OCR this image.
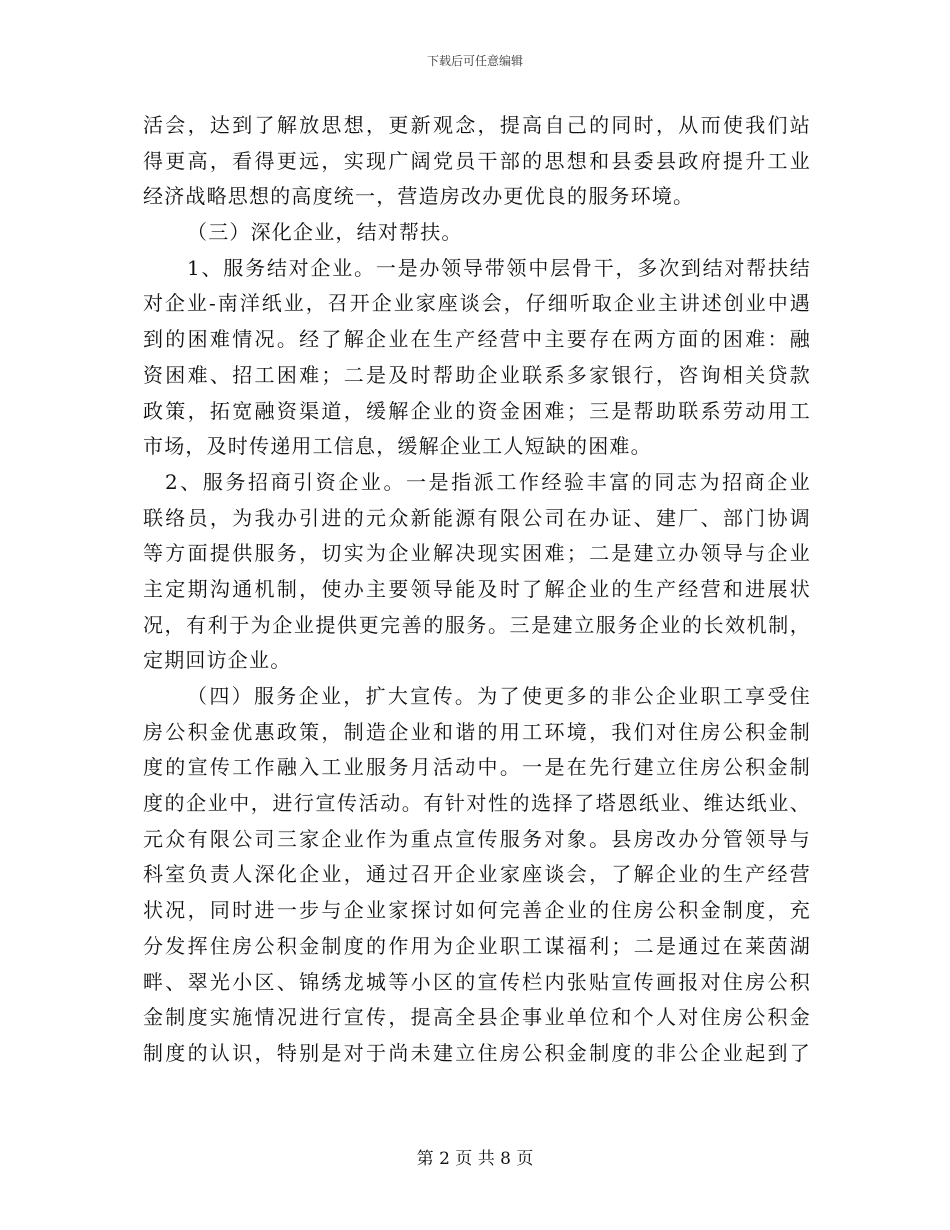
下载后可任意编辑
活会，达到了解放思想，更新观念，提高自己的同时，从而使我们站
得更高，看得更远，实现广阔党员干部的思想和县委县政府提升工业
经济战略思想的高度统一，营造房改办更优良的服务环境。
（三）深化企业，结对帮扶。
1、服务结对企业。一是办领导带领中层骨干，多次到结对帮扶结
对企业-南洋纸业，召开企业家座谈会，仔细听取企业主讲述创业中遇
到的困难情况。经了解企业在生产经营中主要存在两方面的困难：融
资困难、招工困难；二是及时帮助企业联系多家银行，咨询相关贷款
政策，拓宽融资渠道，缓解企业的资金困难；三是帮助联系劳动用工
市场，及时传递用工信息，缓解企业工人短缺的困难。
2、服务招商引资企业。一是指派工作经验丰富的同志为招商企业
联络员，为我办引进的元众新能源有限公司在办证、建厂、部门协调
等方面提供服务，切实为企业解决现实困难；二是建立办领导与企业
主定期沟通机制，使办主要领导能及时了解企业的生产经营和进展状
况，有利于为企业提供更完善的服务。三是建立服务企业的长效机制，
定期回访企业。
（四）服务企业，扩大宣传。为了使更多的非公企业职工享受住
房公积金优惠政策，制造企业和谐的用工环境，我们对住房公积金制
度的宣传工作融入工业服务月活动中。一是在先行建立住房公积金制
度的企业中，进行宣传活动。有针对性的选择了塔恩纸业、维达纸业、
元众有限公司三家企业作为重点宣传服务对象。县房改办分管领导与
科室负责人深化企业，通过召开企业家座谈会，了解企业的生产经营
状况，同时进一步与企业家探讨如何完善企业的住房公积金制度，充
分发挥住房公积金制度的作用为企业职工谋福利；二是通过在莱茵湖
畔、翠光小区、锦绣龙城等小区的宣传栏内张贴宣传画报对住房公积
金制度实施情况进行宣传，提高全县企事业单位和个人对住房公积金
制度的认识，特别是对于尚未建立住房公积金制度的非公企业起到了
第 2 页 共 8 页
